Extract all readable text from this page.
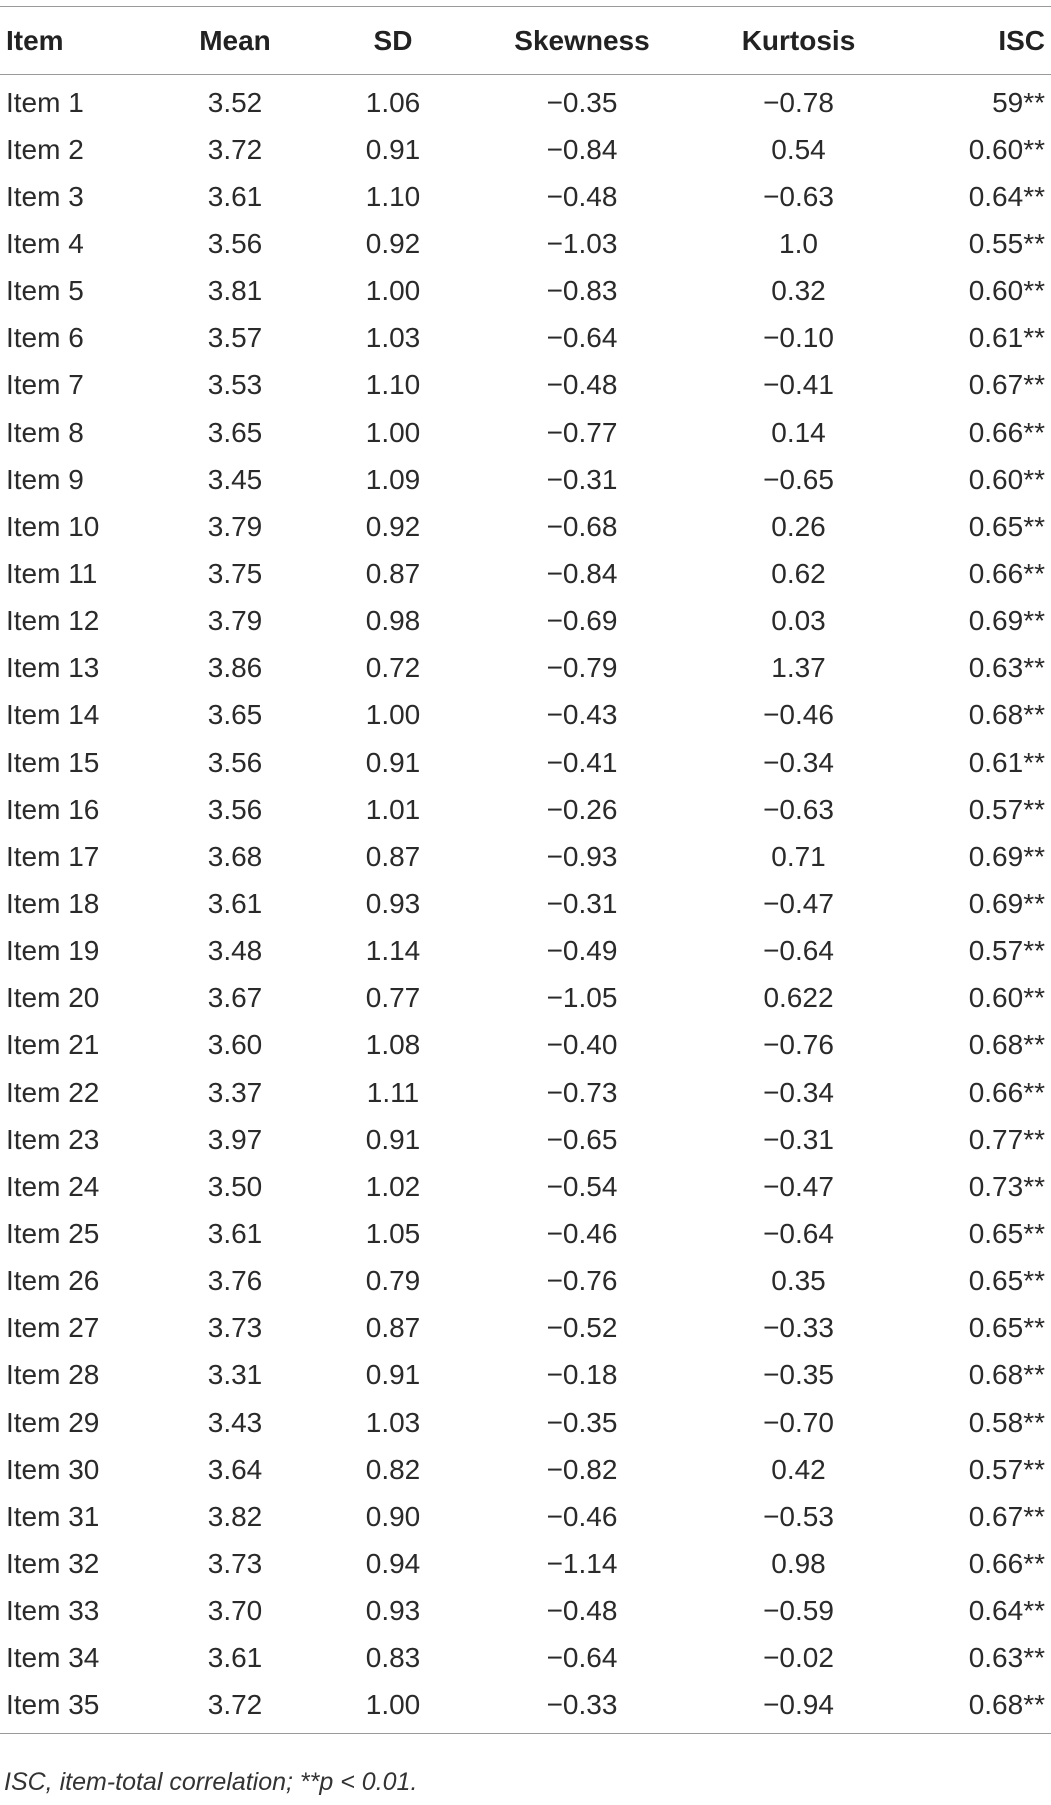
Item	Mean	SD	Skewness	Kurtosis	ISC
Item 1	3.52	1.06	−0.35	−0.78	59**
Item 2	3.72	0.91	−0.84	0.54	0.60**
Item 3	3.61	1.10	−0.48	−0.63	0.64**
Item 4	3.56	0.92	−1.03	1.0	0.55**
Item 5	3.81	1.00	−0.83	0.32	0.60**
Item 6	3.57	1.03	−0.64	−0.10	0.61**
Item 7	3.53	1.10	−0.48	−0.41	0.67**
Item 8	3.65	1.00	−0.77	0.14	0.66**
Item 9	3.45	1.09	−0.31	−0.65	0.60**
Item 10	3.79	0.92	−0.68	0.26	0.65**
Item 11	3.75	0.87	−0.84	0.62	0.66**
Item 12	3.79	0.98	−0.69	0.03	0.69**
Item 13	3.86	0.72	−0.79	1.37	0.63**
Item 14	3.65	1.00	−0.43	−0.46	0.68**
Item 15	3.56	0.91	−0.41	−0.34	0.61**
Item 16	3.56	1.01	−0.26	−0.63	0.57**
Item 17	3.68	0.87	−0.93	0.71	0.69**
Item 18	3.61	0.93	−0.31	−0.47	0.69**
Item 19	3.48	1.14	−0.49	−0.64	0.57**
Item 20	3.67	0.77	−1.05	0.622	0.60**
Item 21	3.60	1.08	−0.40	−0.76	0.68**
Item 22	3.37	1.11	−0.73	−0.34	0.66**
Item 23	3.97	0.91	−0.65	−0.31	0.77**
Item 24	3.50	1.02	−0.54	−0.47	0.73**
Item 25	3.61	1.05	−0.46	−0.64	0.65**
Item 26	3.76	0.79	−0.76	0.35	0.65**
Item 27	3.73	0.87	−0.52	−0.33	0.65**
Item 28	3.31	0.91	−0.18	−0.35	0.68**
Item 29	3.43	1.03	−0.35	−0.70	0.58**
Item 30	3.64	0.82	−0.82	0.42	0.57**
Item 31	3.82	0.90	−0.46	−0.53	0.67**
Item 32	3.73	0.94	−1.14	0.98	0.66**
Item 33	3.70	0.93	−0.48	−0.59	0.64**
Item 34	3.61	0.83	−0.64	−0.02	0.63**
Item 35	3.72	1.00	−0.33	−0.94	0.68**

ISC, item-total correlation; **p < 0.01.
